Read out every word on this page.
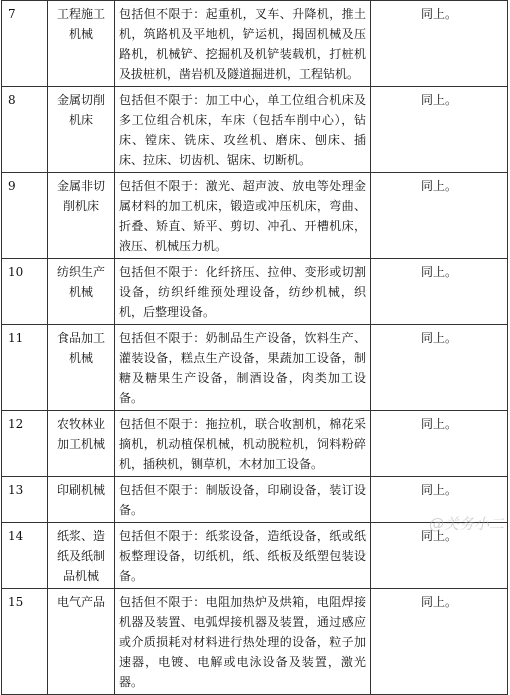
7	工程施工机械	包括但不限于：起重机，叉车、升降机，推土机，筑路机及平地机，铲运机，揭固机械及压路机，机械铲、挖掘机及机铲装载机，打桩机及拔桩机，凿岩机及隧道掘进机，工程钻机。	同上。
8	金属切削机床	包括但不限于：加工中心，单工位组合机床及多工位组合机床，车床（包括车削中心），钻床、镗床、铣床、攻丝机、磨床、刨床、插床、拉床、切齿机、锯床、切断机。	同上。
9	金属非切削机床	包括但不限于：激光、超声波、放电等处理金属材料的加工机床，锻造或冲压机床，弯曲、折叠、矫直、矫平、剪切、冲孔、开槽机床，液压、机械压力机。	同上。
10	纺织生产机械	包括但不限于：化纤挤压、拉伸、变形或切割设备，纺织纤维预处理设备，纺纱机械，织机，后整理设备。	同上。
11	食品加工机械	包括但不限于：奶制品生产设备，饮料生产、灌装设备，糕点生产设备，果蔬加工设备，制糖及糖果生产设备，制酒设备，肉类加工设备。	同上。
12	农牧林业加工机械	包括但不限于：拖拉机，联合收割机，棉花采摘机，机动植保机械，机动脱粒机，饲料粉碎机，插秧机，铡草机，木材加工设备。	同上。
13	印刷机械	包括但不限于：制版设备，印刷设备，装订设备。	同上。
14	纸浆、造纸及纸制品机械	包括但不限于：纸浆设备，造纸设备，纸或纸板整理设备，切纸机，纸、纸板及纸塑包装设备。	同上。
15	电气产品	包括但不限于：电阻加热炉及烘箱，电阻焊接机器及装置、电弧焊接机器及装置，通过感应或介质损耗对材料进行热处理的设备，粒子加速器，电镀、电解或电泳设备及装置，激光器。	同上。
@关务小二
